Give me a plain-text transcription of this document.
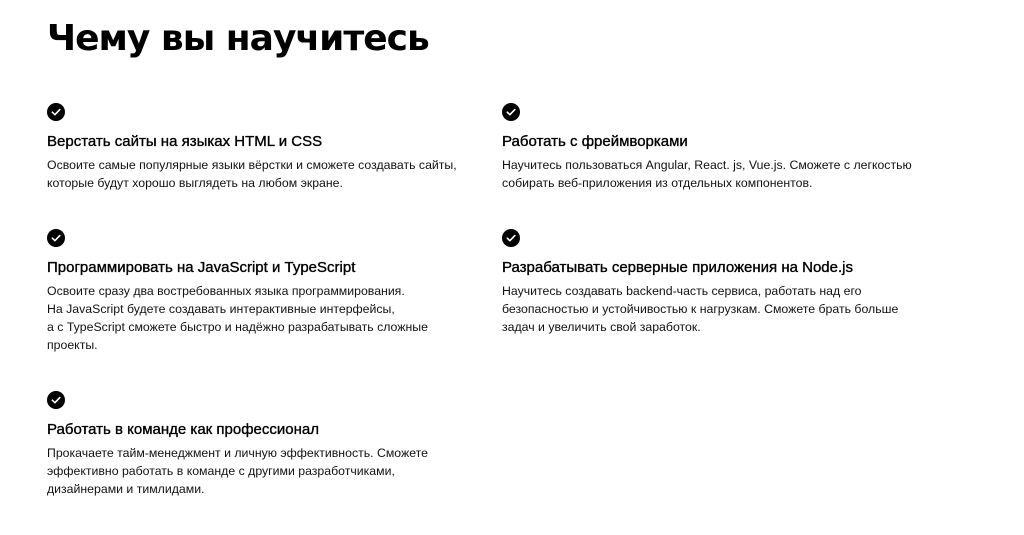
Чему вы научитесь
Верстать сайты на языках HTML и CSS
Освоите самые популярные языки вёрстки и сможете создавать сайты,
которые будут хорошо выглядеть на любом экране.
Работать с фреймворками
Научитесь пользоваться Angular, React. js, Vue.js. Сможете с легкостью
собирать веб-приложения из отдельных компонентов.
Программировать на JavaScript и TypeScript
Освоите сразу два востребованных языка программирования.
На JavaScript будете создавать интерактивные интерфейсы,
а с TypeScript сможете быстро и надёжно разрабатывать сложные
проекты.
Разрабатывать серверные приложения на Node.js
Научитесь создавать backend-часть сервиса, работать над его
безопасностью и устойчивостью к нагрузкам. Сможете брать больше
задач и увеличить свой заработок.
Работать в команде как профессионал
Прокачаете тайм-менеджмент и личную эффективность. Сможете
эффективно работать в команде с другими разработчиками,
дизайнерами и тимлидами.
